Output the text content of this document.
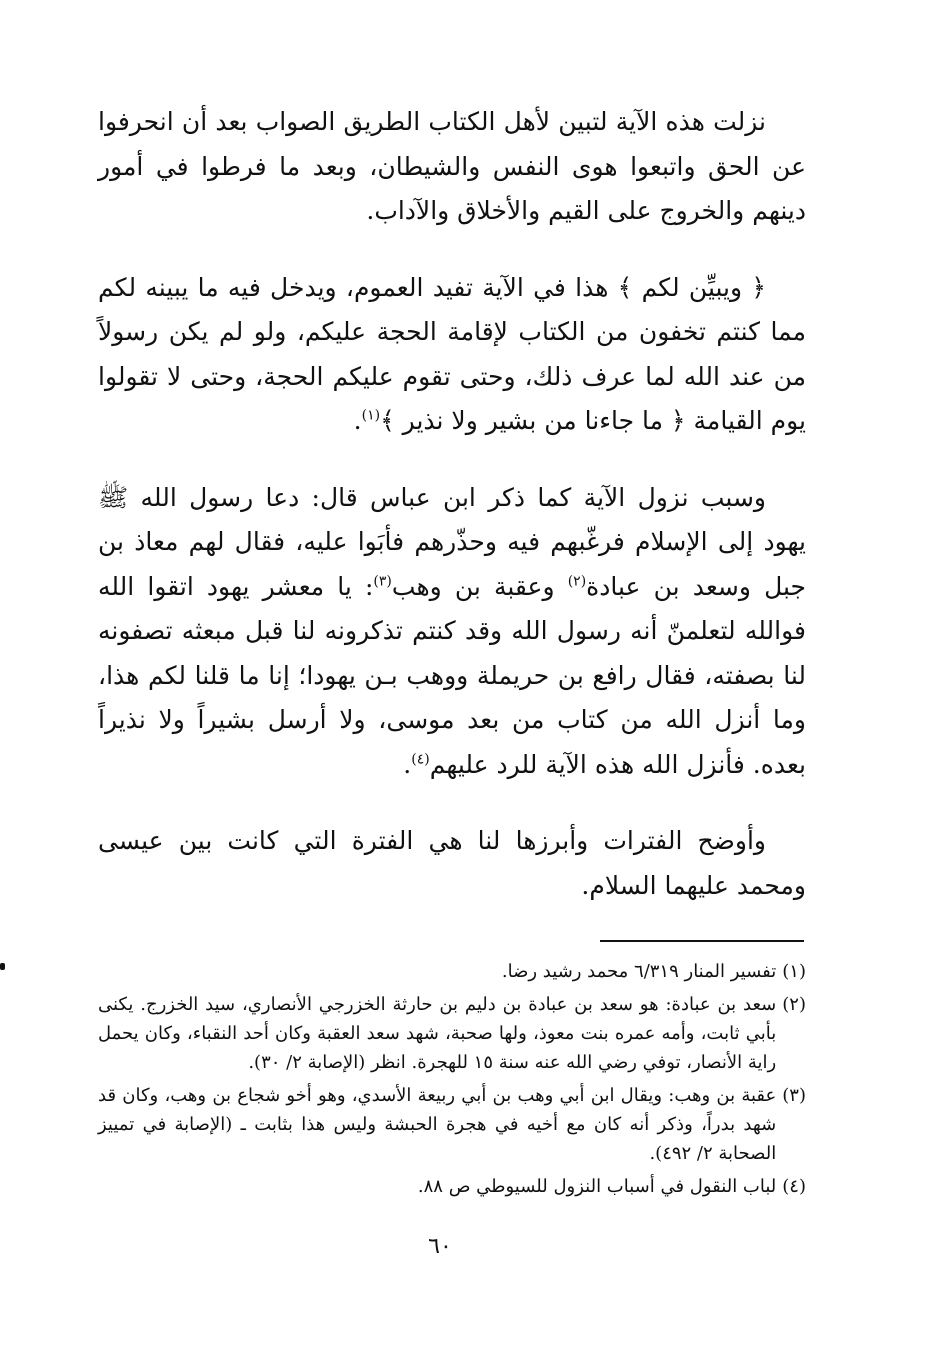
نزلت هذه الآية لتبين لأهل الكتاب الطريق الصواب بعد أن انحرفوا عن الحق واتبعوا هوى النفس والشيطان، وبعد ما فرطوا في أمور دينهم والخروج على القيم والأخلاق والآداب.

﴿ ويبيِّن لكم ﴾ هذا في الآية تفيد العموم، ويدخل فيه ما يبينه لكم مما كنتم تخفون من الكتاب لإقامة الحجة عليكم، ولو لم يكن رسولاً من عند الله لما عرف ذلك، وحتى تقوم عليكم الحجة، وحتى لا تقولوا يوم القيامة ﴿ ما جاءنا من بشير ولا نذير ﴾$^{(١)}$.

وسبب نزول الآية كما ذكر ابن عباس قال: دعا رسول الله ﷺ يهود إلى الإسلام فرغّبهم فيه وحذّرهم فأبَوا عليه، فقال لهم معاذ بن جبل وسعد بن عبادة$^{(٢)}$ وعقبة بن وهب$^{(٣)}$: يا معشر يهود اتقوا الله فوالله لتعلمنّ أنه رسول الله وقد كنتم تذكرونه لنا قبل مبعثه تصفونه لنا بصفته، فقال رافع بن حريملة ووهب بـن يهودا؛ إنا ما قلنا لكم هذا، وما أنزل الله من كتاب من بعد موسى، ولا أرسل بشيراً ولا نذيراً بعده. فأنزل الله هذه الآية للرد عليهم$^{(٤)}$.

وأوضح الفترات وأبرزها لنا هي الفترة التي كانت بين عيسى ومحمد عليهما السلام.

(١)
تفسير المنار ٦/٣١٩ محمد رشيد رضا.
(٢)
سعد بن عبادة: هو سعد بن عبادة بن دليم بن حارثة الخزرجي الأنصاري، سيد الخزرج. يكنى بأبي ثابت، وأمه عمره بنت معوذ، ولها صحبة، شهد سعد العقبة وكان أحد النقباء، وكان يحمل راية الأنصار، توفي رضي الله عنه سنة ١٥ للهجرة. انظر (الإصابة ٢/ ٣٠).
(٣)
عقبة بن وهب: ويقال ابن أبي وهب بن أبي ربيعة الأسدي، وهو أخو شجاع بن وهب، وكان قد شهد بدراً، وذكر أنه كان مع أخيه في هجرة الحبشة وليس هذا بثابت ـ (الإصابة في تمييز الصحابة ٢/ ٤٩٢).
(٤)
لباب النقول في أسباب النزول للسيوطي ص ٨٨.
٦٠
